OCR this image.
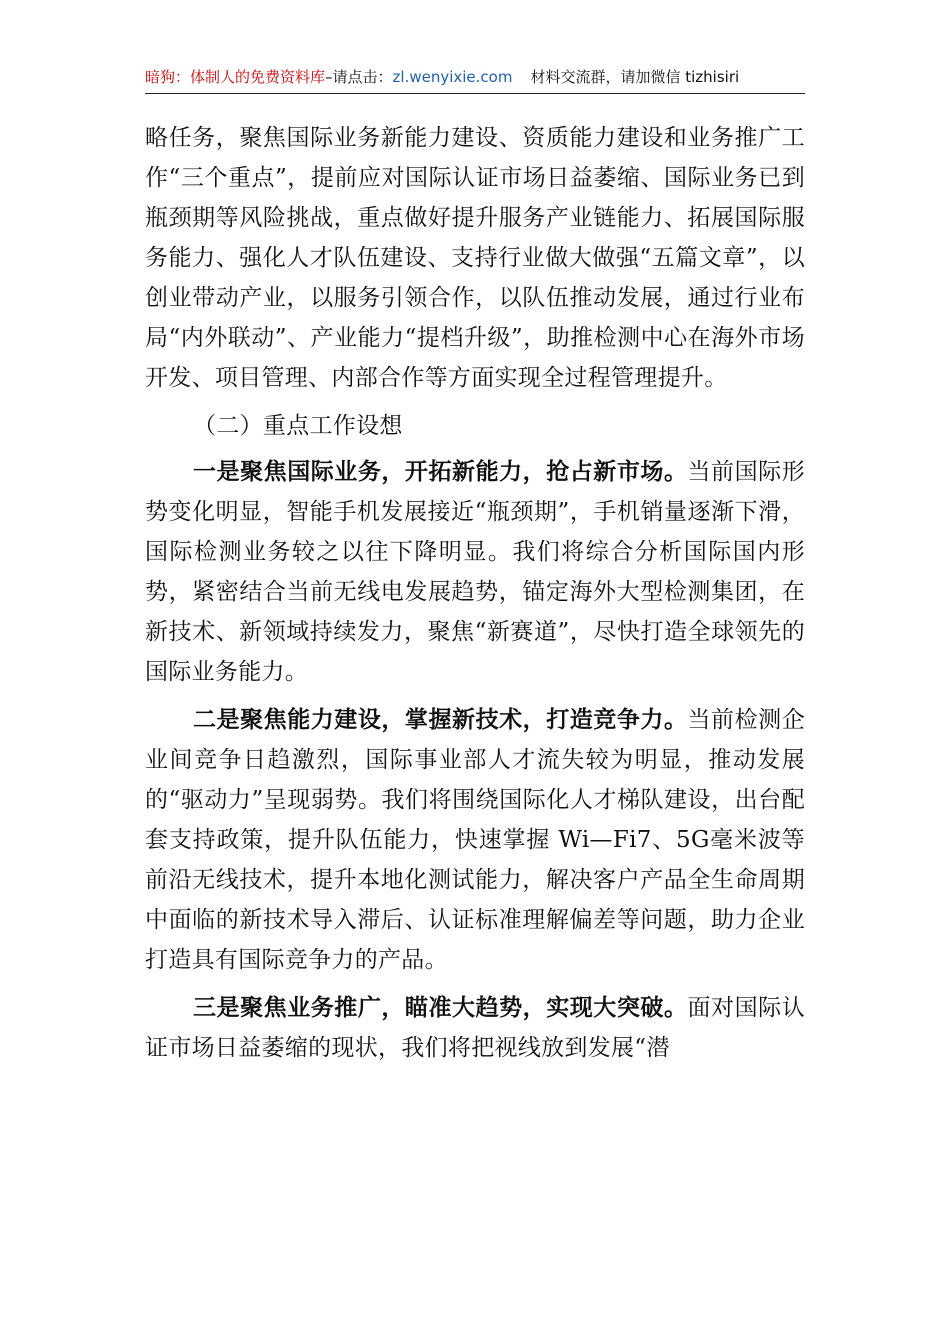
暗狗：体制人的免费资料库–请点击：zl.wenyixie.com 材料交流群，请加微信 tizhisiri

略任务，聚焦国际业务新能力建设、资质能力建设和业务推广工作“三个重点”，提前应对国际认证市场日益萎缩、国际业务已到瓶颈期等风险挑战，重点做好提升服务产业链能力、拓展国际服务能力、强化人才队伍建设、支持行业做大做强“五篇文章”，以创业带动产业，以服务引领合作，以队伍推动发展，通过行业布局“内外联动”、产业能力“提档升级”，助推检测中心在海外市场开发、项目管理、内部合作等方面实现全过程管理提升。

（二）重点工作设想

一是聚焦国际业务，开拓新能力，抢占新市场。当前国际形势变化明显，智能手机发展接近“瓶颈期”，手机销量逐渐下滑，国际检测业务较之以往下降明显。我们将综合分析国际国内形势，紧密结合当前无线电发展趋势，锚定海外大型检测集团，在新技术、新领域持续发力，聚焦“新赛道”，尽快打造全球领先的国际业务能力。

二是聚焦能力建设，掌握新技术，打造竞争力。当前检测企业间竞争日趋激烈，国际事业部人才流失较为明显，推动发展的“驱动力”呈现弱势。我们将围绕国际化人才梯队建设，出台配套支持政策，提升队伍能力，快速掌握 Wi—Fi7、5G毫米波等前沿无线技术，提升本地化测试能力，解决客户产品全生命周期中面临的新技术导入滞后、认证标准理解偏差等问题，助力企业打造具有国际竞争力的产品。

三是聚焦业务推广，瞄准大趋势，实现大突破。面对国际认证市场日益萎缩的现状，我们将把视线放到发展“潜
